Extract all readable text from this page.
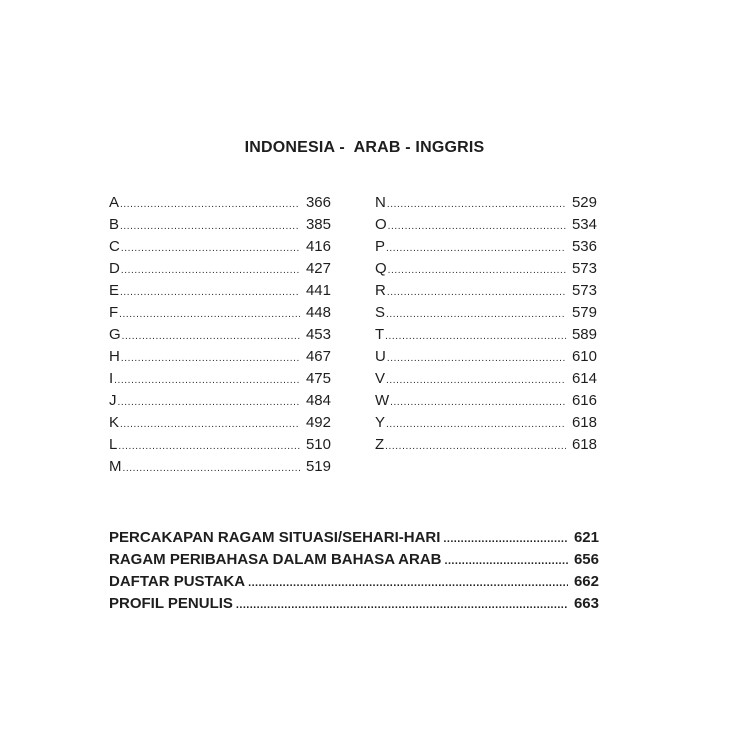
INDONESIA -  ARAB - INGGRIS
A .....	366
B .....	385
C .....	416
D .....	427
E .....	441
F .....	448
G .....	453
H .....	467
I .....	475
J .....	484
K .....	492
L .....	510
M .....	519
N .....	529
O .....	534
P .....	536
Q .....	573
R .....	573
S .....	579
T .....	589
U .....	610
V .....	614
W .....	616
Y .....	618
Z .....	618
PERCAKAPAN RAGAM SITUASI/SEHARI-HARI .....	621
RAGAM PERIBAHASA DALAM BAHASA ARAB .....	656
DAFTAR PUSTAKA .....	662
PROFIL PENULIS .....	663
